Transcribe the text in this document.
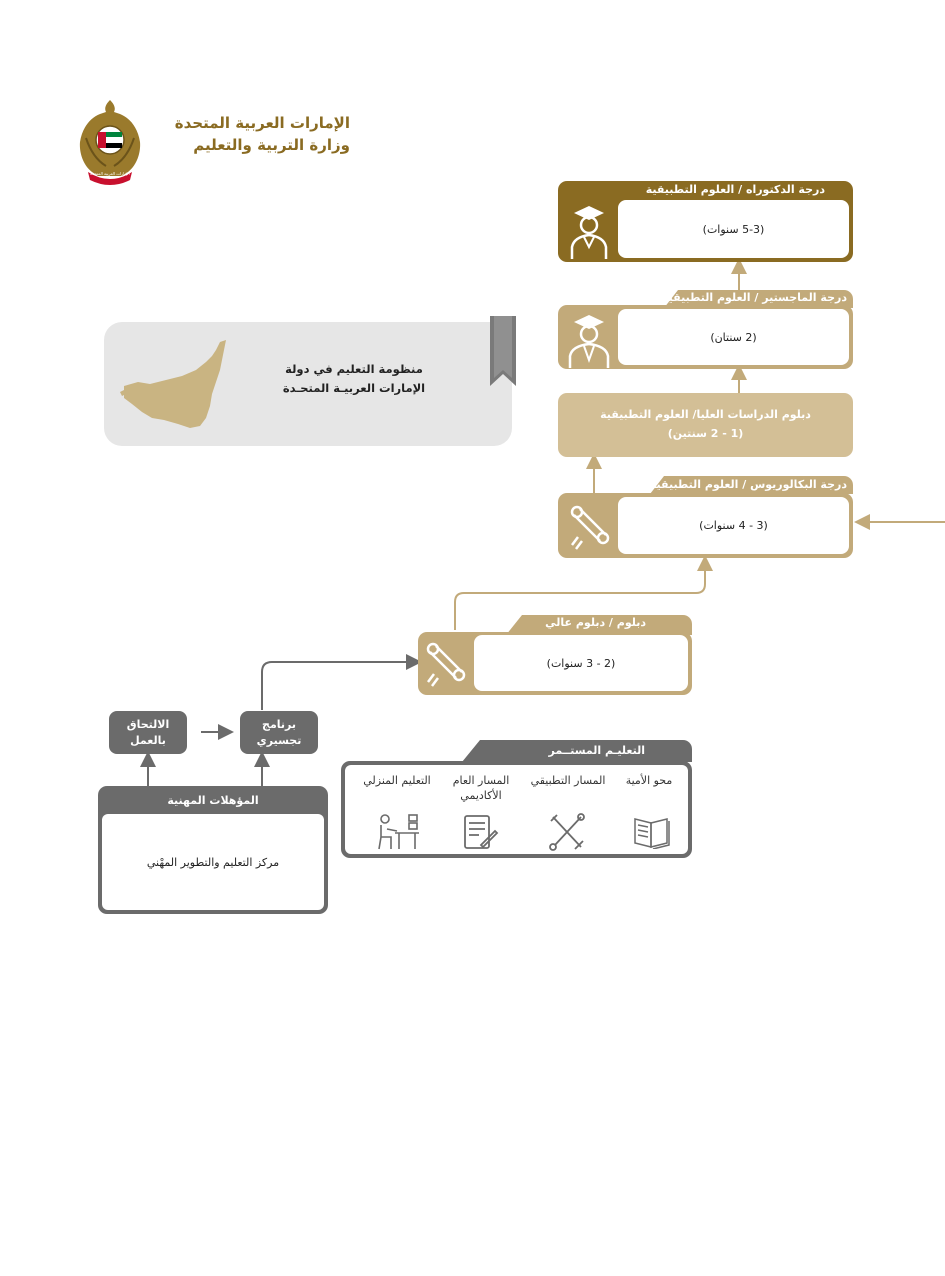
الإمارات العربية المتحدة
الإمارات العربية المتحدة
وزارة التربية والتعليم
منظومة التعليم في دولة
الإمارات العربيـة المتحـدة
درجة الدكتوراه / العلوم التطبيقية
(5-3 سنوات)
درجة الماجستير / العلوم التطبيقية
(2 سنتان)
دبلوم الدراسات العليا/ العلوم التطبيقية
(1 - 2 سنتين)
درجة البكالوريوس / العلوم التطبيقية
(3 - 4 سنوات)
دبلوم / دبلوم عالي
(2 - 3 سنوات)
الالتحاق
بالعمل
برنامج
تجسيري
المؤهلات المهنية
مركز التعليم والتطوير المهْني
التعليـم المستــمر
محو الأمية
المسار التطبيقي
المسار العام الأكاديمي
التعليم المنزلي
